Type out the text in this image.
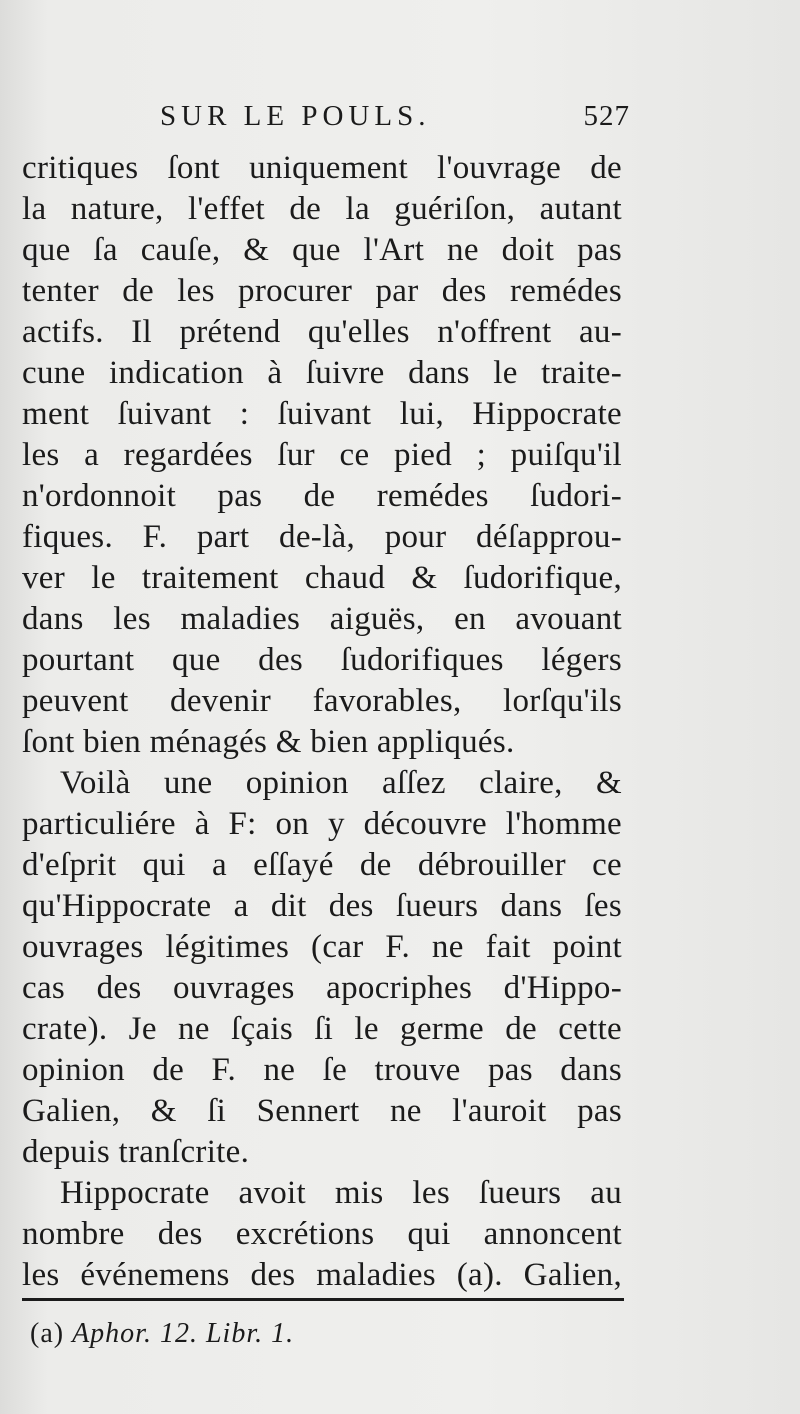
SUR LE POULS.	527
critiques ſont uniquement l'ouvrage de
la nature, l'effet de la guériſon, autant
que ſa cauſe, & que l'Art ne doit pas
tenter de les procurer par des remédes
actifs. Il prétend qu'elles n'offrent au-
cune indication à ſuivre dans le traite-
ment ſuivant : ſuivant lui, Hippocrate
les a regardées ſur ce pied ; puiſqu'il
n'ordonnoit pas de remédes ſudori-
fiques. F. part de-là, pour déſapprou-
ver le traitement chaud & ſudorifique,
dans les maladies aiguës, en avouant
pourtant que des ſudorifiques légers
peuvent devenir favorables, lorſqu'ils
ſont bien ménagés & bien appliqués.
Voilà une opinion aſſez claire, &
particuliére à F: on y découvre l'homme
d'eſprit qui a eſſayé de débrouiller ce
qu'Hippocrate a dit des ſueurs dans ſes
ouvrages légitimes (car F. ne fait point
cas des ouvrages apocriphes d'Hippo-
crate). Je ne ſçais ſi le germe de cette
opinion de F. ne ſe trouve pas dans
Galien, & ſi Sennert ne l'auroit pas
depuis tranſcrite.
Hippocrate avoit mis les ſueurs au
nombre des excrétions qui annoncent
les événemens des maladies (a). Galien,
(a) Aphor. 12. Libr. 1.
